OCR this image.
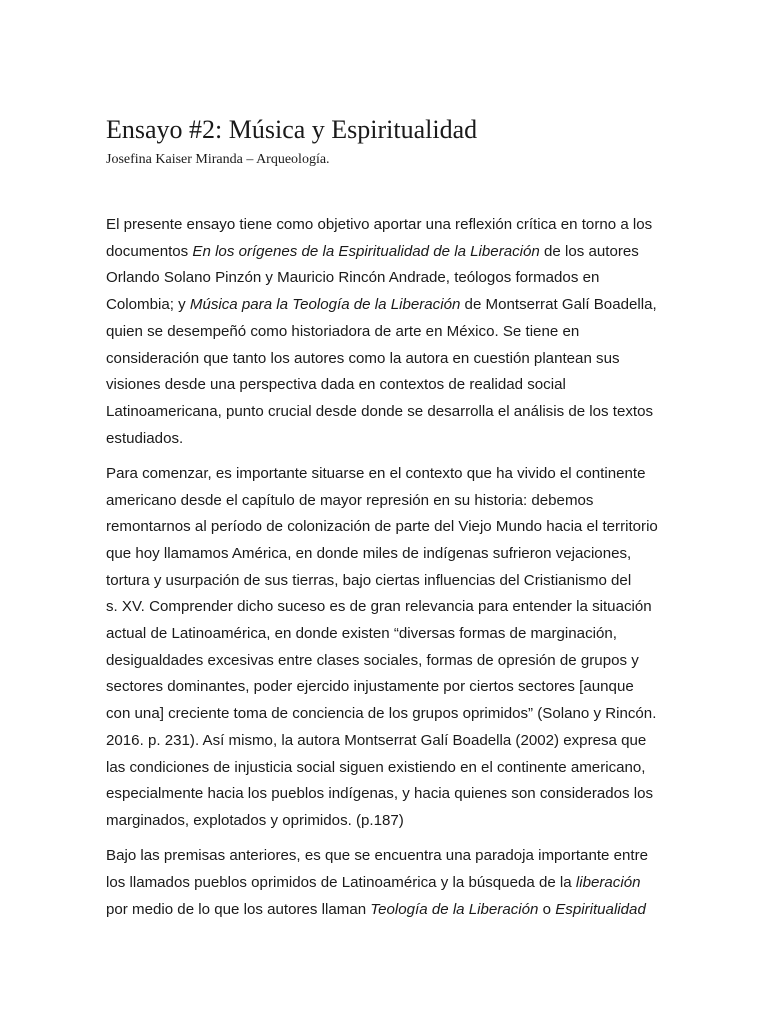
Ensayo #2: Música y Espiritualidad

Josefina Kaiser Miranda – Arqueología.

El presente ensayo tiene como objetivo aportar una reflexión crítica en torno a los
documentos En los orígenes de la Espiritualidad de la Liberación de los autores
Orlando Solano Pinzón y Mauricio Rincón Andrade, teólogos formados en
Colombia; y Música para la Teología de la Liberación de Montserrat Galí Boadella,
quien se desempeñó como historiadora de arte en México. Se tiene en
consideración que tanto los autores como la autora en cuestión plantean sus
visiones desde una perspectiva dada en contextos de realidad social
Latinoamericana, punto crucial desde donde se desarrolla el análisis de los textos
estudiados.

Para comenzar, es importante situarse en el contexto que ha vivido el continente
americano desde el capítulo de mayor represión en su historia: debemos
remontarnos al período de colonización de parte del Viejo Mundo hacia el territorio
que hoy llamamos América, en donde miles de indígenas sufrieron vejaciones,
tortura y usurpación de sus tierras, bajo ciertas influencias del Cristianismo del
s. XV. Comprender dicho suceso es de gran relevancia para entender la situación
actual de Latinoamérica, en donde existen “diversas formas de marginación,
desigualdades excesivas entre clases sociales, formas de opresión de grupos y
sectores dominantes, poder ejercido injustamente por ciertos sectores [aunque
con una] creciente toma de conciencia de los grupos oprimidos” (Solano y Rincón.
2016. p. 231). Así mismo, la autora Montserrat Galí Boadella (2002) expresa que
las condiciones de injusticia social siguen existiendo en el continente americano,
especialmente hacia los pueblos indígenas, y hacia quienes son considerados los
marginados, explotados y oprimidos. (p.187)

Bajo las premisas anteriores, es que se encuentra una paradoja importante entre
los llamados pueblos oprimidos de Latinoamérica y la búsqueda de la liberación
por medio de lo que los autores llaman Teología de la Liberación o Espiritualidad
